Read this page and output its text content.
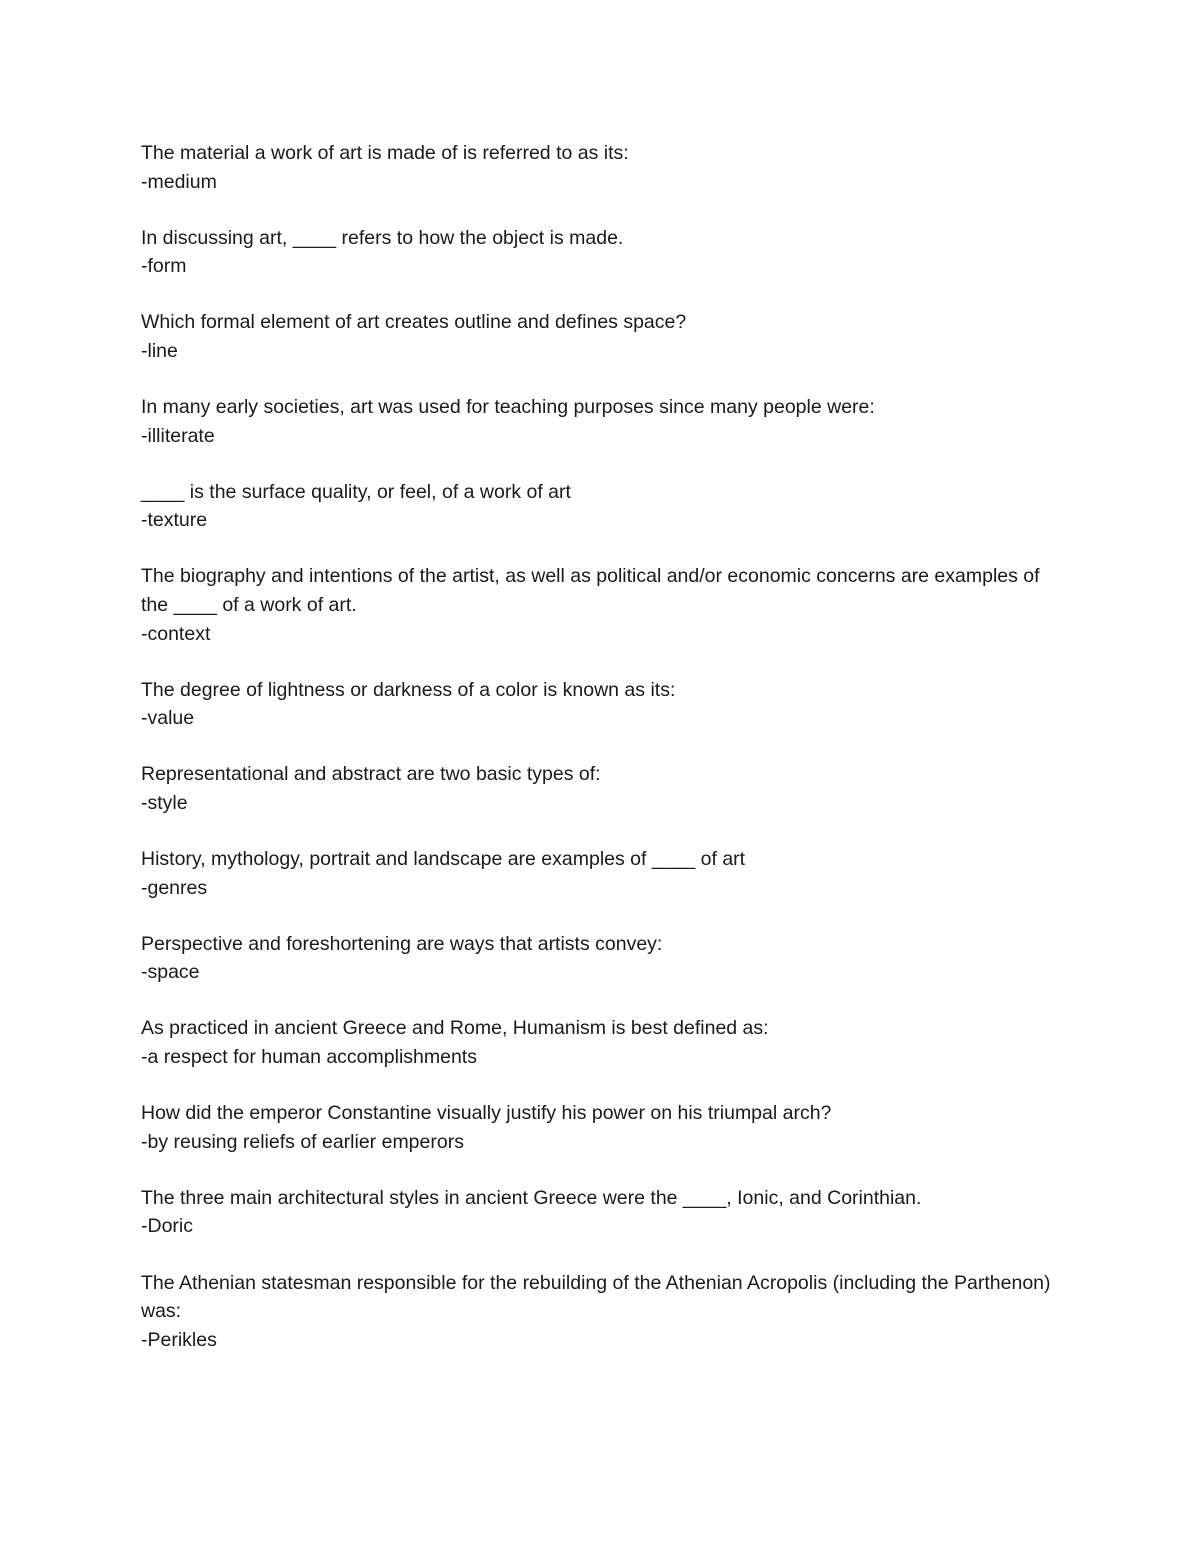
The material a work of art is made of is referred to as its:

-medium

In discussing art, ____ refers to how the object is made.

-form

Which formal element of art creates outline and defines space?

-line

In many early societies, art was used for teaching purposes since many people were:

-illiterate

____ is the surface quality, or feel, of a work of art

-texture

The biography and intentions of the artist, as well as political and/or economic concerns are examples of the ____ of a work of art.

-context

The degree of lightness or darkness of a color is known as its:

-value

Representational and abstract are two basic types of:

-style

History, mythology, portrait and landscape are examples of ____ of art

-genres

Perspective and foreshortening are ways that artists convey:

-space

As practiced in ancient Greece and Rome, Humanism is best defined as:

-a respect for human accomplishments

How did the emperor Constantine visually justify his power on his triumpal arch?

-by reusing reliefs of earlier emperors

The three main architectural styles in ancient Greece were the ____, Ionic, and Corinthian.

-Doric

The Athenian statesman responsible for the rebuilding of the Athenian Acropolis (including the Parthenon) was:

-Perikles
